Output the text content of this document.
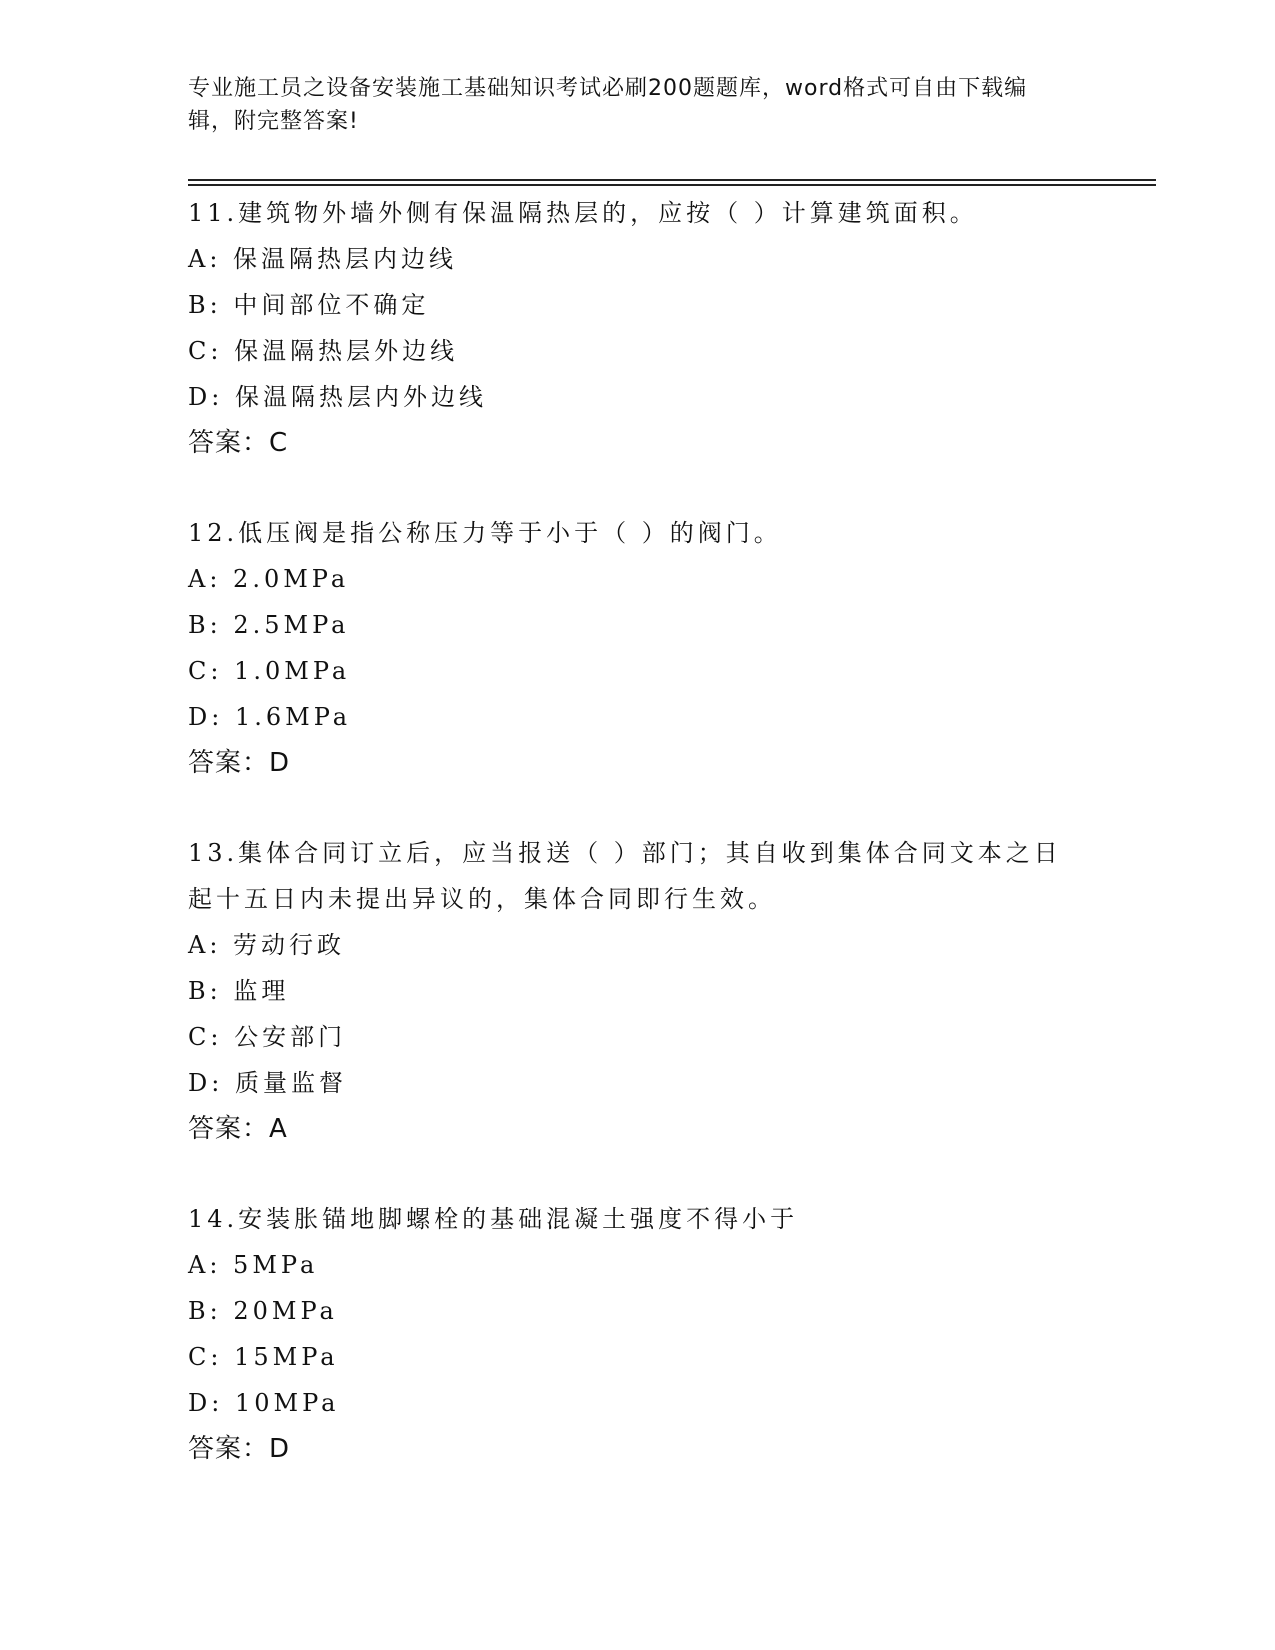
专业施工员之设备安装施工基础知识考试必刷200题题库，word格式可自由下载编辑，附完整答案!
11.建筑物外墙外侧有保温隔热层的，应按（ ）计算建筑面积。
A: 保温隔热层内边线
B: 中间部位不确定
C: 保温隔热层外边线
D: 保温隔热层内外边线
答案：C
12.低压阀是指公称压力等于小于（ ）的阀门。
A: 2.0MPa
B: 2.5MPa
C: 1.0MPa
D: 1.6MPa
答案：D
13.集体合同订立后，应当报送（ ）部门；其自收到集体合同文本之日起十五日内未提出异议的，集体合同即行生效。
A: 劳动行政
B: 监理
C: 公安部门
D: 质量监督
答案：A
14.安装胀锚地脚螺栓的基础混凝土强度不得小于
A: 5MPa
B: 20MPa
C: 15MPa
D: 10MPa
答案：D
